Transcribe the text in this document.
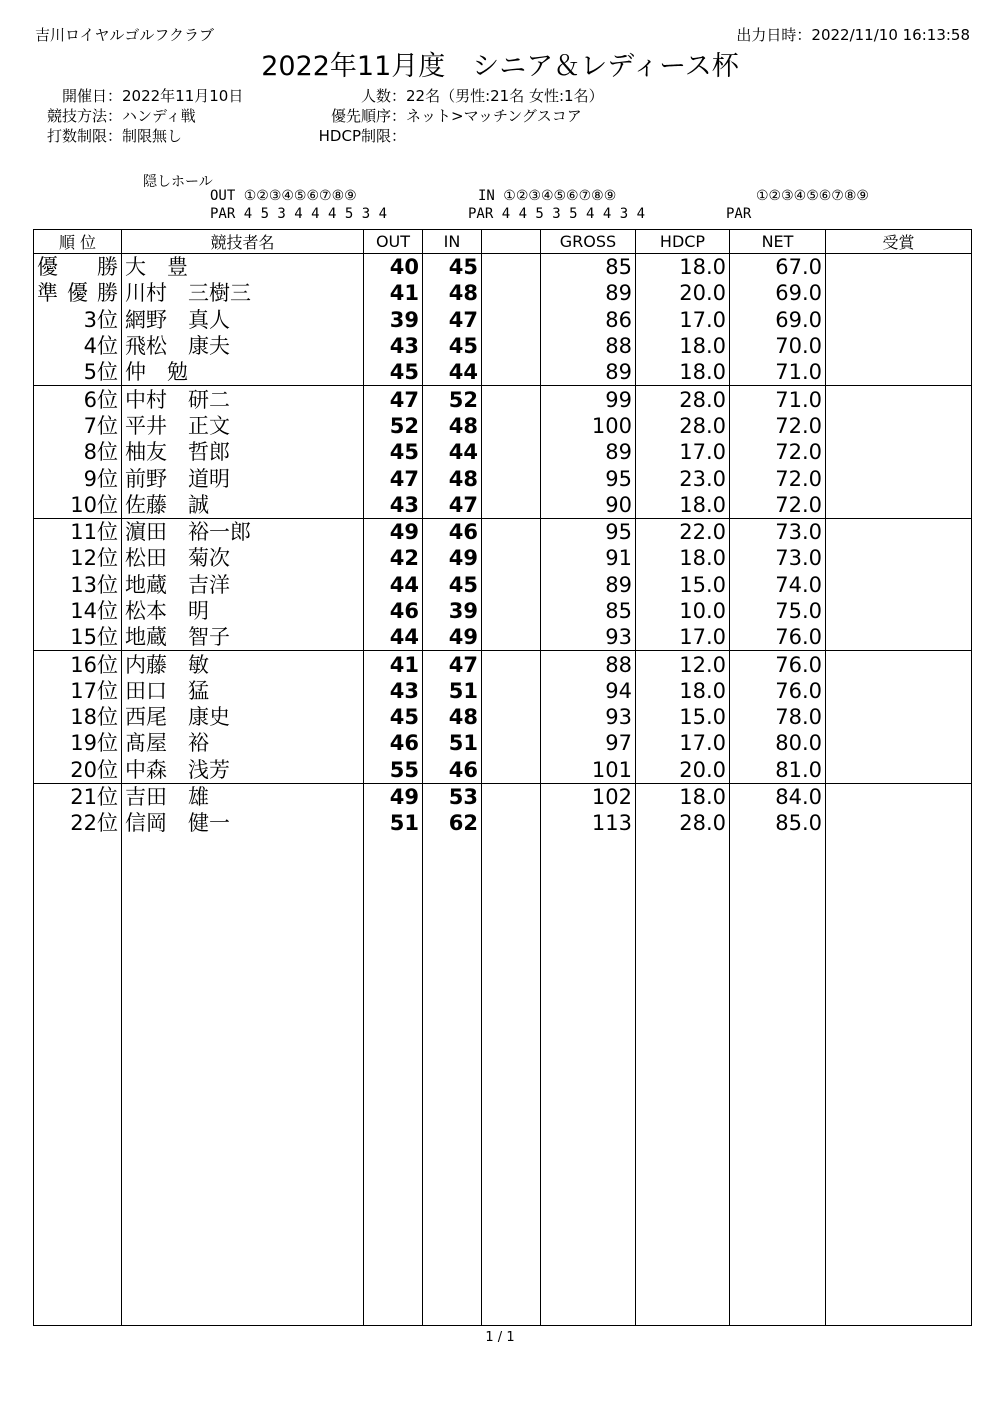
吉川ロイヤルゴルフクラブ	出力日時：2022/11/10 16:13:58
2022年11月度　シニア＆レディース杯
開催日：2022年11月10日
競技方法：ハンディ戦
打数制限：制限無し
人数：22名（男性:21名 女性:1名）
優先順序：ネット>マッチングスコア
HDCP制限：
隠しホール
OUT ①②③④⑤⑥⑦⑧⑨
PAR 4 5 3 4 4 4 5 3 4
IN ①②③④⑤⑥⑦⑧⑨
PAR 4 4 5 3 5 4 4 3 4
①②③④⑤⑥⑦⑧⑨
PAR
順 位	競技者名	OUT	IN		GROSS	HDCP	NET	受賞
優　勝	大　豊	40	45		85	18.0	67.0	
準優勝	川村　三樹三	41	48		89	20.0	69.0	
3位	網野　真人	39	47		86	17.0	69.0	
4位	飛松　康夫	43	45		88	18.0	70.0	
5位	仲　勉	45	44		89	18.0	71.0	
6位	中村　研二	47	52		99	28.0	71.0	
7位	平井　正文	52	48		100	28.0	72.0	
8位	柚友　哲郎	45	44		89	17.0	72.0	
9位	前野　道明	47	48		95	23.0	72.0	
10位	佐藤　誠	43	47		90	18.0	72.0	
11位	濵田　裕一郎	49	46		95	22.0	73.0	
12位	松田　菊次	42	49		91	18.0	73.0	
13位	地蔵　吉洋	44	45		89	15.0	74.0	
14位	松本　明	46	39		85	10.0	75.0	
15位	地蔵　智子	44	49		93	17.0	76.0	
16位	内藤　敏	41	47		88	12.0	76.0	
17位	田口　猛	43	51		94	18.0	76.0	
18位	西尾　康史	45	48		93	15.0	78.0	
19位	髙屋　裕	46	51		97	17.0	80.0	
20位	中森　浅芳	55	46		101	20.0	81.0	
21位	吉田　雄	49	53		102	18.0	84.0	
22位	信岡　健一	51	62		113	28.0	85.0	

1 / 1
